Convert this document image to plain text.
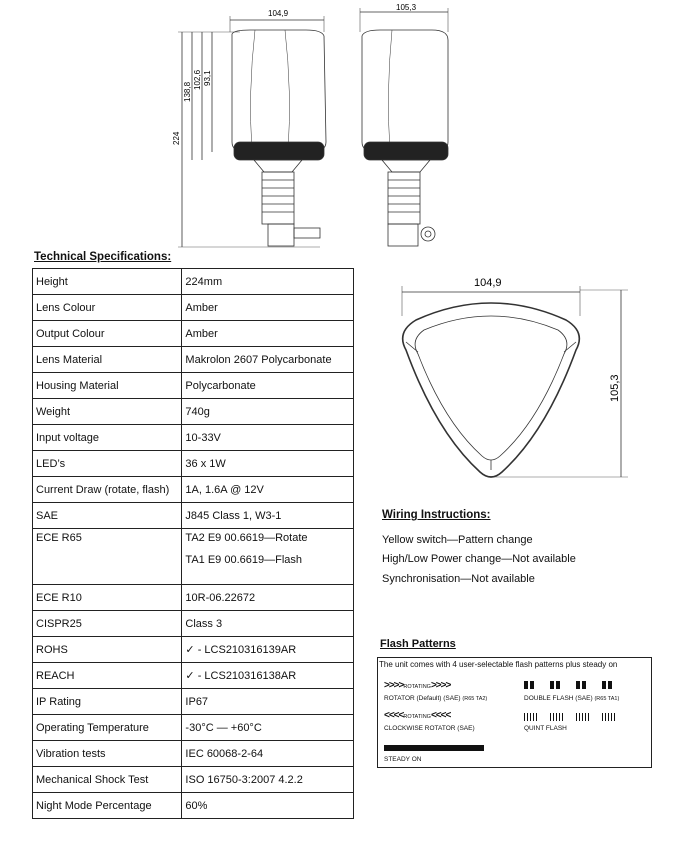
104,9
224
138,8
102,6 93,1
105,3
104,9
105,3
Technical Specifications:
Height	224mm
Lens Colour	Amber
Output Colour	Amber
Lens Material	Makrolon 2607 Polycarbonate
Housing Material	Polycarbonate
Weight	740g
Input voltage	10-33V
LED’s	36 x 1W
Current Draw (rotate, flash)	1A, 1.6A @ 12V
SAE	J845 Class 1, W3-1
ECE R65	TA2 E9 00.6619—Rotate
TA1 E9 00.6619—Flash

ECE R10	10R-06.22672
CISPR25	Class 3
ROHS	✓ - LCS210316139AR
REACH	✓ - LCS210316138AR
IP Rating	IP67
Operating Temperature	-30°C — +60°C
Vibration tests	IEC 60068-2-64
Mechanical Shock Test	ISO 16750-3:2007 4.2.2
Night Mode Percentage	60%
Wiring Instructions:
Yellow switch—Pattern change
High/Low Power change—Not available
Synchronisation—Not available
Flash Patterns
The unit comes with 4 user-selectable flash patterns plus steady on
>>>>ROTATING>>>>
ROTATOR (Default) (SAE) (R65 TA2)	DOUBLE FLASH (SAE) (R65 TA1)
<<<<ROTATING<<<<
CLOCKWISE ROTATOR (SAE)	QUINT FLASH
STEADY ON
